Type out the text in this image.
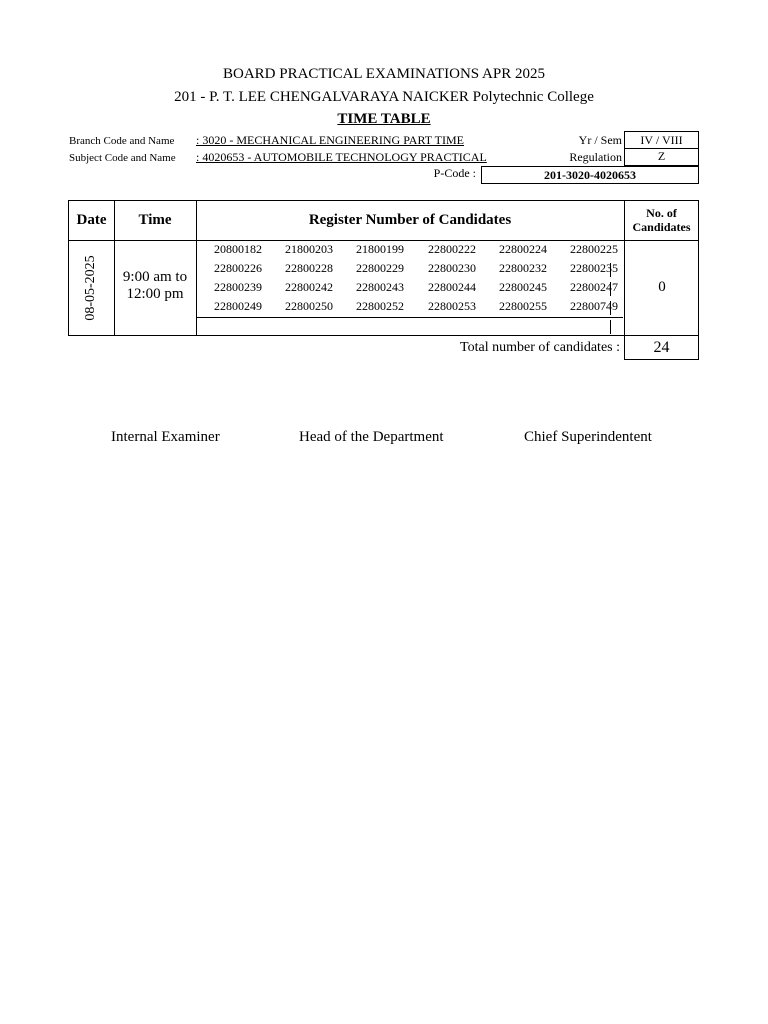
BOARD PRACTICAL EXAMINATIONS APR 2025
201 - P. T. LEE CHENGALVARAYA NAICKER Polytechnic College
TIME TABLE
Branch Code and Name : 3020 - MECHANICAL ENGINEERING PART TIME
Subject Code and Name : 4020653 - AUTOMOBILE TECHNOLOGY PRACTICAL
Yr / Sem	IV / VIII
Regulation	Z
P-Code :	201-3020-4020653
Date	Time	Register Number of Candidates	No. of
Candidates
08-05-2025	9:00 am to
12:00 pm
20800182	21800203	21800199	22800222	22800224	22800225
22800226	22800228	22800229	22800230	22800232	22800235
22800239	22800242	22800243	22800244	22800245	22800247
22800249	22800250	22800252	22800253	22800255	22800749
0
Total number of candidates :	24
Internal Examiner	Head of the Department	Chief Superindentent
